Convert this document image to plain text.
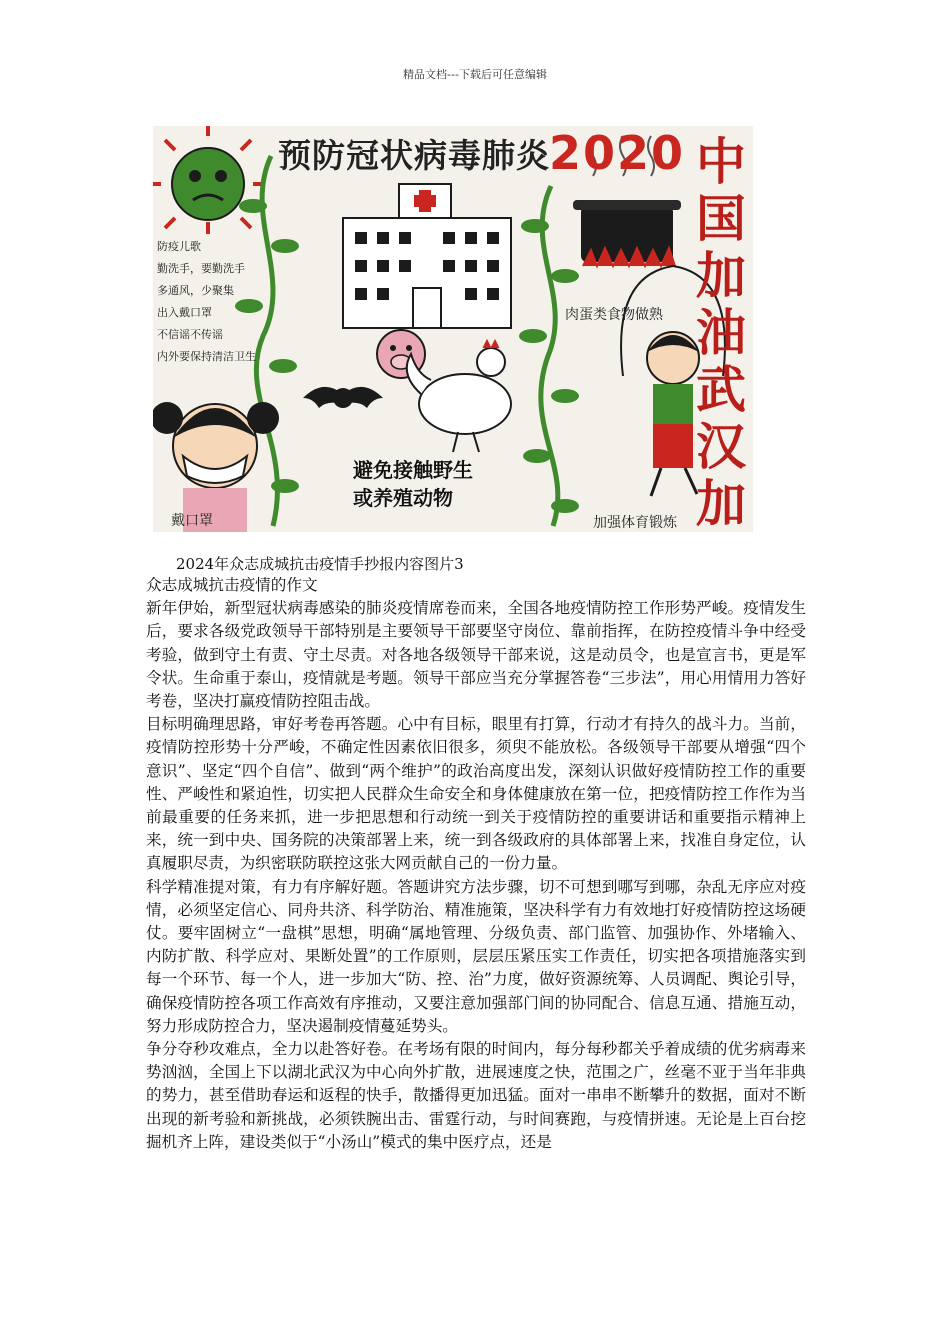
精品文档---下载后可任意编辑
预防冠状病毒肺炎 2020 中
国
加
油
武
汉
加
防疫儿歌
勤洗手，要勤洗手
多通风，少聚集
出入戴口罩
不信谣不传谣
内外要保持清洁卫生
肉蛋类食物做熟
避免接触野生
或养殖动物
戴口罩	加强体育锻炼
2024年众志成城抗击疫情手抄报内容图片3

众志成城抗击疫情的作文

新年伊始，新型冠状病毒感染的肺炎疫情席卷而来，全国各地疫情防控工作形势严峻。疫情发生后，要求各级党政领导干部特别是主要领导干部要坚守岗位、靠前指挥，在防控疫情斗争中经受考验，做到守土有责、守土尽责。对各地各级领导干部来说，这是动员令，也是宣言书，更是军令状。生命重于泰山，疫情就是考题。领导干部应当充分掌握答卷“三步法”，用心用情用力答好考卷，坚决打赢疫情防控阻击战。

目标明确理思路，审好考卷再答题。心中有目标，眼里有打算，行动才有持久的战斗力。当前，疫情防控形势十分严峻，不确定性因素依旧很多，须臾不能放松。各级领导干部要从增强“四个意识”、坚定“四个自信”、做到“两个维护”的政治高度出发，深刻认识做好疫情防控工作的重要性、严峻性和紧迫性，切实把人民群众生命安全和身体健康放在第一位，把疫情防控工作作为当前最重要的任务来抓，进一步把思想和行动统一到关于疫情防控的重要讲话和重要指示精神上来，统一到中央、国务院的决策部署上来，统一到各级政府的具体部署上来，找准自身定位，认真履职尽责，为织密联防联控这张大网贡献自己的一份力量。

科学精准提对策，有力有序解好题。答题讲究方法步骤，切不可想到哪写到哪，杂乱无序应对疫情，必须坚定信心、同舟共济、科学防治、精准施策，坚决科学有力有效地打好疫情防控这场硬仗。要牢固树立“一盘棋”思想，明确“属地管理、分级负责、部门监管、加强协作、外堵输入、内防扩散、科学应对、果断处置”的工作原则，层层压紧压实工作责任，切实把各项措施落实到每一个环节、每一个人，进一步加大“防、控、治”力度，做好资源统筹、人员调配、舆论引导，确保疫情防控各项工作高效有序推动，又要注意加强部门间的协同配合、信息互通、措施互动，努力形成防控合力，坚决遏制疫情蔓延势头。

争分夺秒攻难点，全力以赴答好卷。在考场有限的时间内，每分每秒都关乎着成绩的优劣病毒来势汹汹，全国上下以湖北武汉为中心向外扩散，进展速度之快，范围之广，丝毫不亚于当年非典的势力，甚至借助春运和返程的快手，散播得更加迅猛。面对一串串不断攀升的数据，面对不断出现的新考验和新挑战，必须铁腕出击、雷霆行动，与时间赛跑，与疫情拼速。无论是上百台挖掘机齐上阵，建设类似于“小汤山”模式的集中医疗点，还是
